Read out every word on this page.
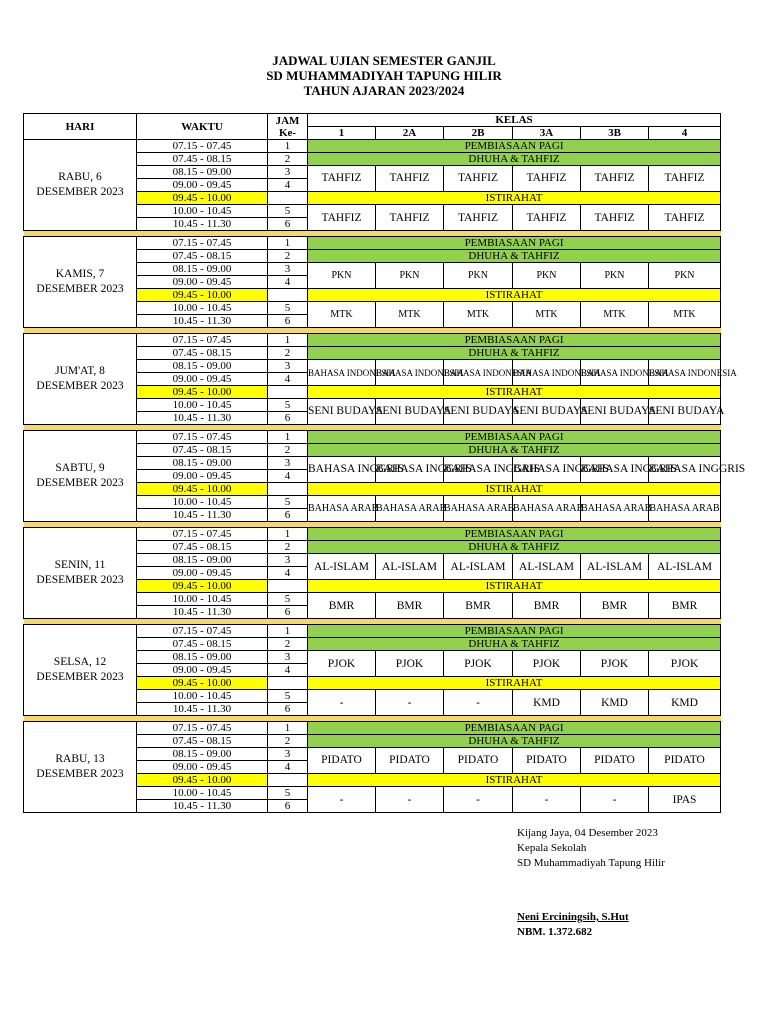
JADWAL UJIAN SEMESTER GANJIL
SD MUHAMMADIYAH TAPUNG HILIR
TAHUN AJARAN 2023/2024
HARI	WAKTU	JAM Ke-	KELAS					
			1	2A	2B	3A	3B	4

RABU, 6
DESEMBER 2023	07.15 - 07.45	1	PEMBIASAAN PAGI					
	07.45 - 08.15	2	DHUHA & TAHFIZ					
	08.15 - 09.00	3	TAHFIZ	TAHFIZ	TAHFIZ	TAHFIZ	TAHFIZ	TAHFIZ
	09.00 - 09.45	4						
	09.45 - 10.00		ISTIRAHAT					
	10.00 - 10.45	5	TAHFIZ	TAHFIZ	TAHFIZ	TAHFIZ	TAHFIZ	TAHFIZ
	10.45 - 11.30	6						

KAMIS, 7
DESEMBER 2023	07.15 - 07.45	1	PEMBIASAAN PAGI					
	07.45 - 08.15	2	DHUHA & TAHFIZ					
	08.15 - 09.00	3	PKN	PKN	PKN	PKN	PKN	PKN
	09.00 - 09.45	4						
	09.45 - 10.00		ISTIRAHAT					
	10.00 - 10.45	5	MTK	MTK	MTK	MTK	MTK	MTK
	10.45 - 11.30	6						

JUM'AT, 8
DESEMBER 2023	07.15 - 07.45	1	PEMBIASAAN PAGI					
	07.45 - 08.15	2	DHUHA & TAHFIZ					
	08.15 - 09.00	3	BAHASA INDONESIA	BAHASA INDONESIA	BAHASA INDONESIA	BAHASA INDONESIA	BAHASA INDONESIA	BAHASA INDONESIA
	09.00 - 09.45	4						
	09.45 - 10.00		ISTIRAHAT					
	10.00 - 10.45	5	SENI BUDAYA	SENI BUDAYA	SENI BUDAYA	SENI BUDAYA	SENI BUDAYA	SENI BUDAYA
	10.45 - 11.30	6						

SABTU, 9
DESEMBER 2023	07.15 - 07.45	1	PEMBIASAAN PAGI					
	07.45 - 08.15	2	DHUHA & TAHFIZ					
	08.15 - 09.00	3	BAHASA INGGRIS	BAHASA INGGRIS	BAHASA INGGRIS	BAHASA INGGRIS	BAHASA INGGRIS	BAHASA INGGRIS
	09.00 - 09.45	4						
	09.45 - 10.00		ISTIRAHAT					
	10.00 - 10.45	5	BAHASA ARAB	BAHASA ARAB	BAHASA ARAB	BAHASA ARAB	BAHASA ARAB	BAHASA ARAB
	10.45 - 11.30	6						

SENIN, 11
DESEMBER 2023	07.15 - 07.45	1	PEMBIASAAN PAGI					
	07.45 - 08.15	2	DHUHA & TAHFIZ					
	08.15 - 09.00	3	AL-ISLAM	AL-ISLAM	AL-ISLAM	AL-ISLAM	AL-ISLAM	AL-ISLAM
	09.00 - 09.45	4						
	09.45 - 10.00		ISTIRAHAT					
	10.00 - 10.45	5	BMR	BMR	BMR	BMR	BMR	BMR
	10.45 - 11.30	6						

SELSA, 12
DESEMBER 2023	07.15 - 07.45	1	PEMBIASAAN PAGI					
	07.45 - 08.15	2	DHUHA & TAHFIZ					
	08.15 - 09.00	3	PJOK	PJOK	PJOK	PJOK	PJOK	PJOK
	09.00 - 09.45	4						
	09.45 - 10.00		ISTIRAHAT					
	10.00 - 10.45	5	-	-	-	KMD	KMD	KMD
	10.45 - 11.30	6						

RABU, 13
DESEMBER 2023	07.15 - 07.45	1	PEMBIASAAN PAGI					
	07.45 - 08.15	2	DHUHA & TAHFIZ					
	08.15 - 09.00	3	PIDATO	PIDATO	PIDATO	PIDATO	PIDATO	PIDATO
	09.00 - 09.45	4						
	09.45 - 10.00		ISTIRAHAT					
	10.00 - 10.45	5	-	-	-	-	-	IPAS
	10.45 - 11.30	6						
Kijang Jaya, 04 Desember 2023
Kepala Sekolah
SD Muhammadiyah Tapung Hilir
Neni Erciningsih, S.Hut
NBM. 1.372.682
